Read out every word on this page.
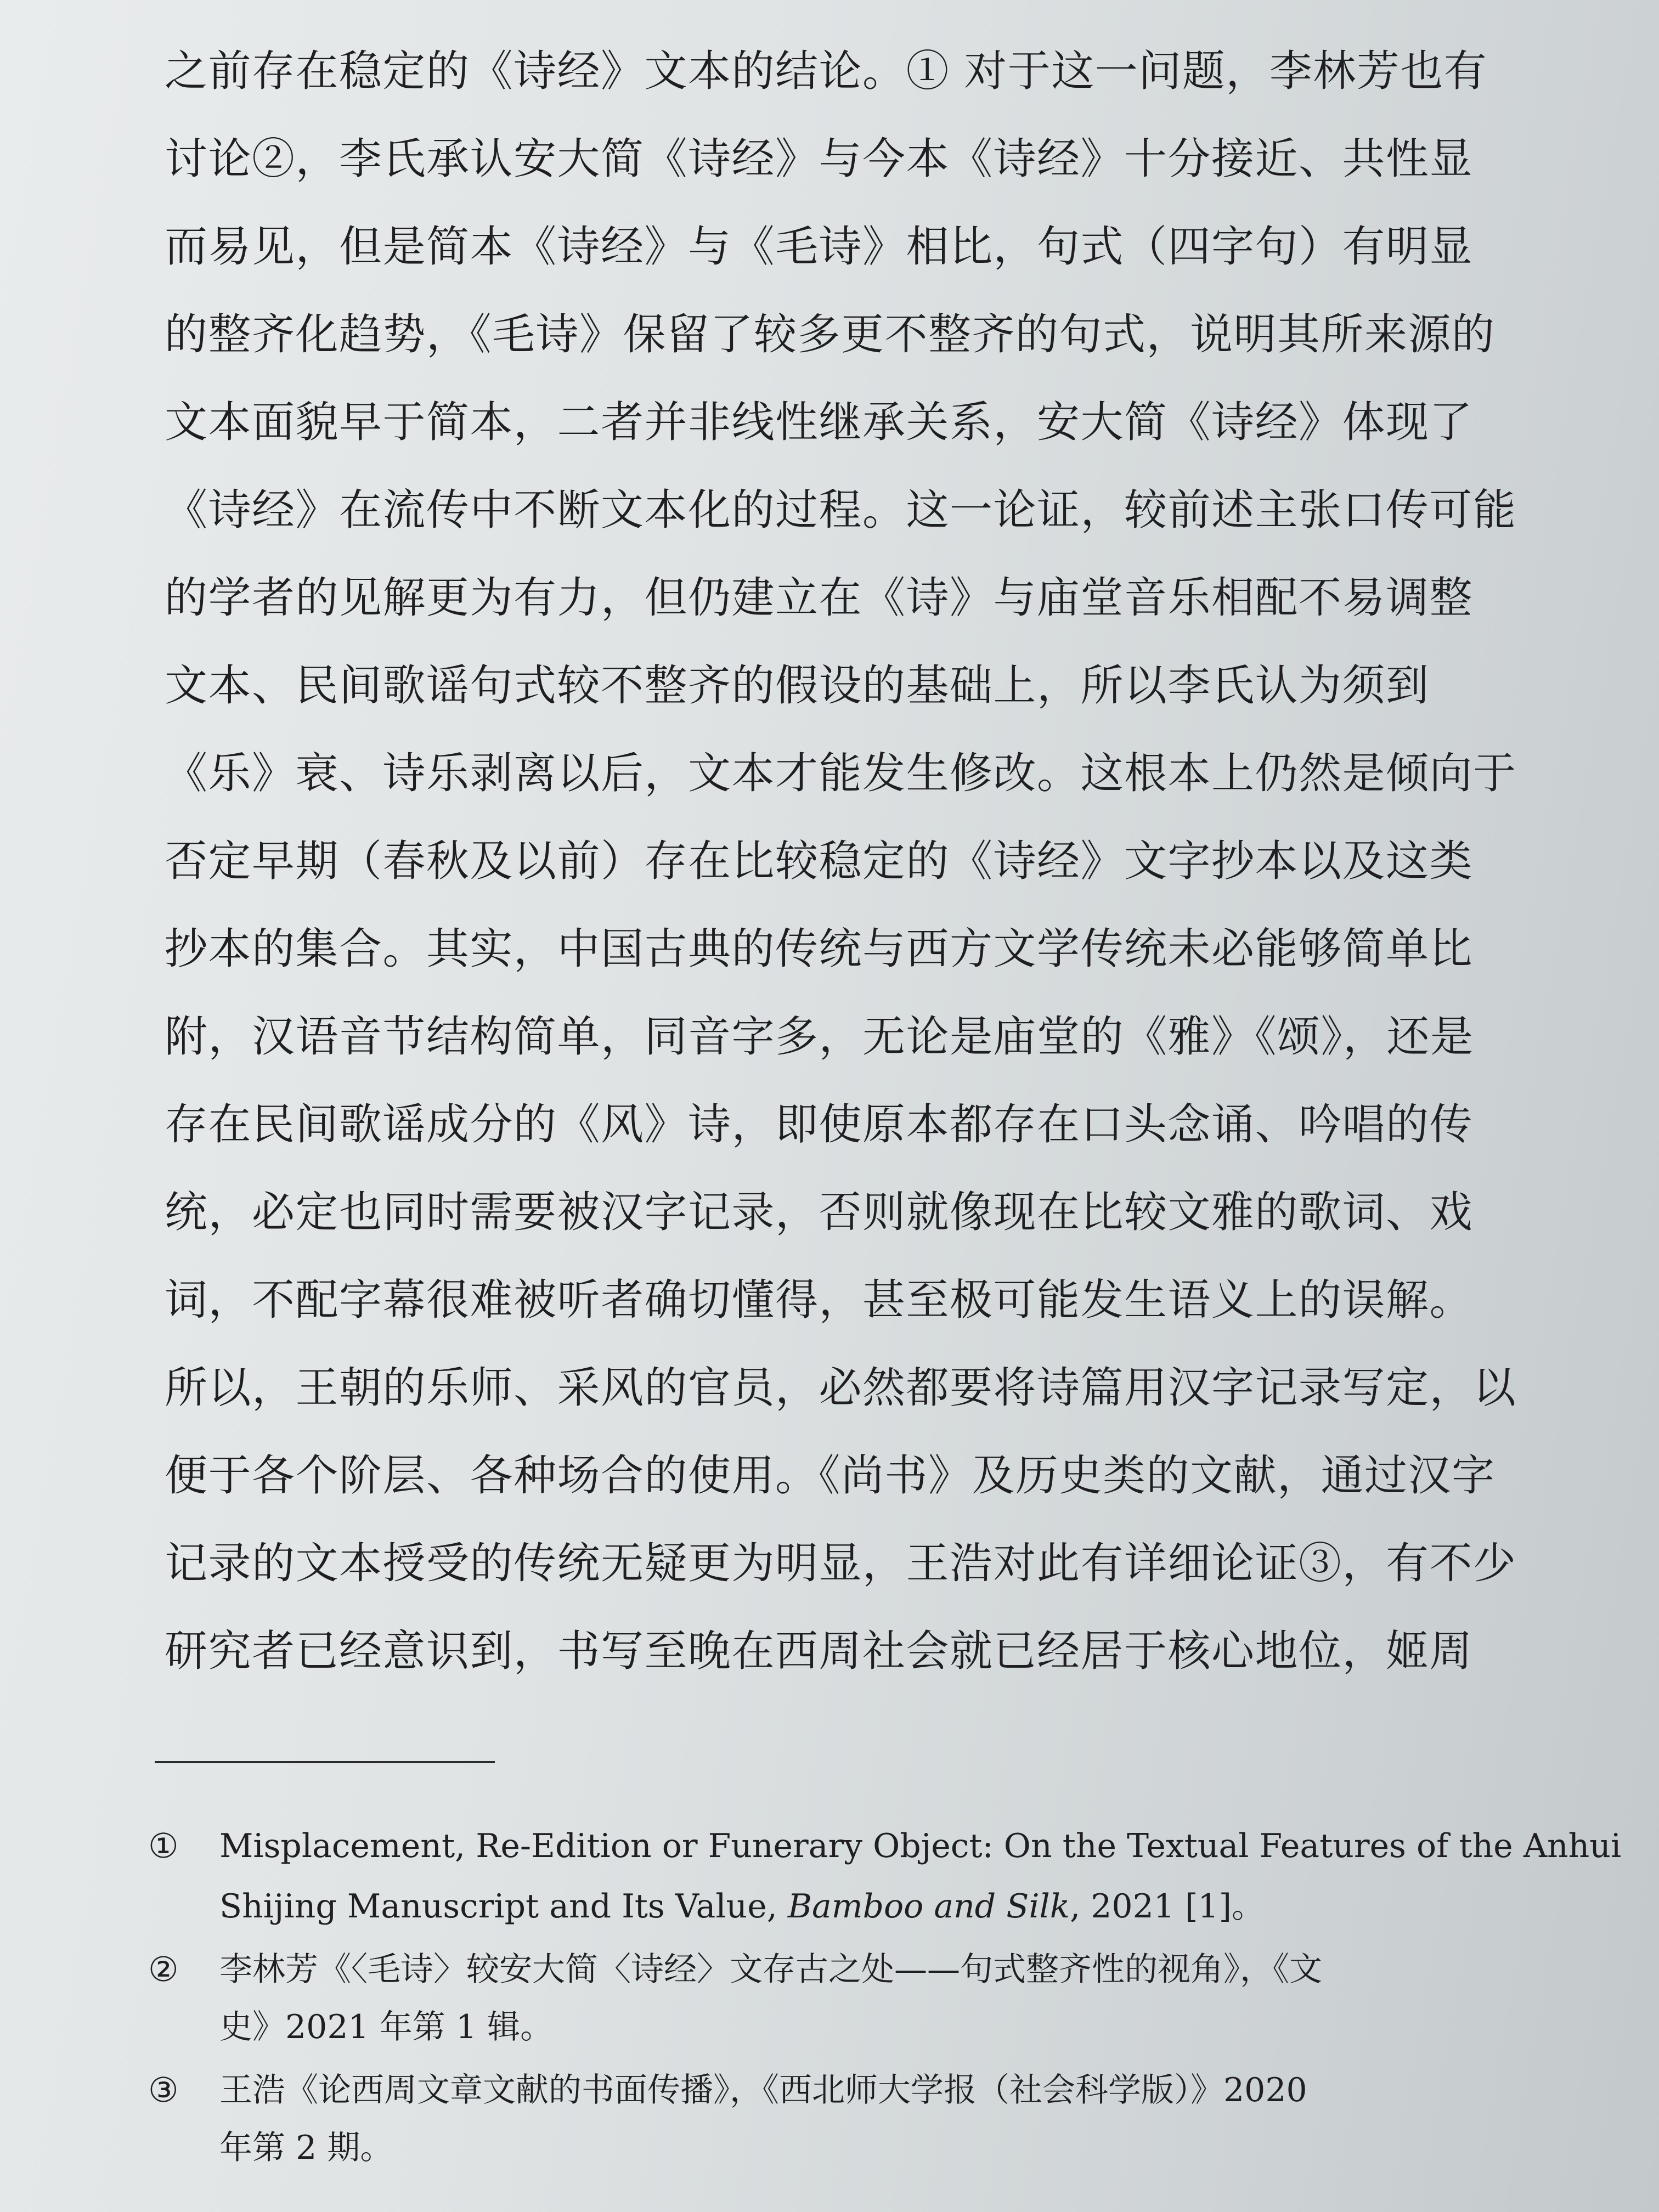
之前存在稳定的《诗经》文本的结论。① 对于这一问题，李林芳也有
讨论②，李氏承认安大简《诗经》与今本《诗经》十分接近、共性显
而易见，但是简本《诗经》与《毛诗》相比，句式（四字句）有明显
的整齐化趋势，《毛诗》保留了较多更不整齐的句式，说明其所来源的
文本面貌早于简本，二者并非线性继承关系，安大简《诗经》体现了
《诗经》在流传中不断文本化的过程。这一论证，较前述主张口传可能
的学者的见解更为有力，但仍建立在《诗》与庙堂音乐相配不易调整
文本、民间歌谣句式较不整齐的假设的基础上，所以李氏认为须到
《乐》衰、诗乐剥离以后，文本才能发生修改。这根本上仍然是倾向于
否定早期（春秋及以前）存在比较稳定的《诗经》文字抄本以及这类
抄本的集合。其实，中国古典的传统与西方文学传统未必能够简单比
附，汉语音节结构简单，同音字多，无论是庙堂的《雅》《颂》，还是
存在民间歌谣成分的《风》诗，即使原本都存在口头念诵、吟唱的传
统，必定也同时需要被汉字记录，否则就像现在比较文雅的歌词、戏
词，不配字幕很难被听者确切懂得，甚至极可能发生语义上的误解。
所以，王朝的乐师、采风的官员，必然都要将诗篇用汉字记录写定，以
便于各个阶层、各种场合的使用。《尚书》及历史类的文献，通过汉字
记录的文本授受的传统无疑更为明显，王浩对此有详细论证③，有不少
研究者已经意识到，书写至晚在西周社会就已经居于核心地位，姬周
① Misplacement, Re-Edition or Funerary Object: On the Textual Features of the Anhui
Shijing Manuscript and Its Value, Bamboo and Silk, 2021 [1]。
② 李林芳《〈毛诗〉较安大简〈诗经〉文存古之处——句式整齐性的视角》，《文
史》2021 年第 1 辑。
③ 王浩《论西周文章文献的书面传播》，《西北师大学报（社会科学版）》2020
年第 2 期。
